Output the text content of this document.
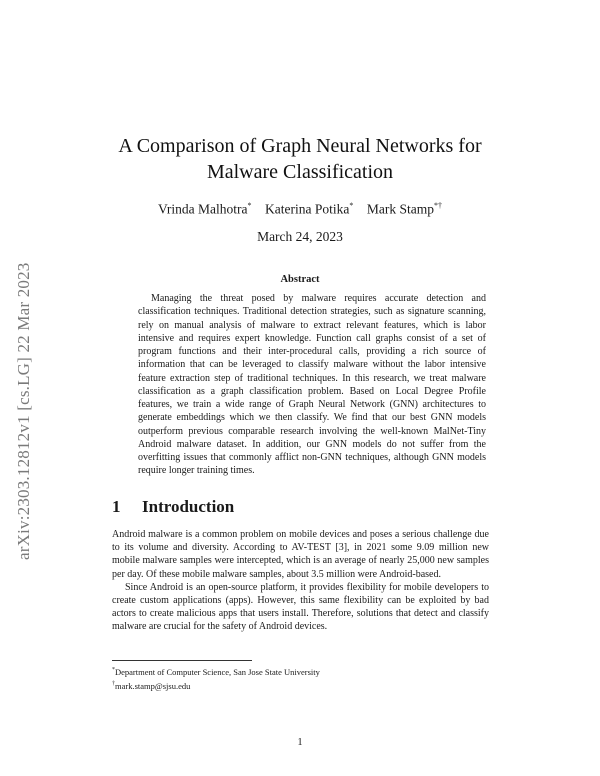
arXiv:2303.12812v1 [cs.LG] 22 Mar 2023
A Comparison of Graph Neural Networks for
Malware Classification
Vrinda Malhotra* Katerina Potika* Mark Stamp*†
March 24, 2023
Abstract

Managing the threat posed by malware requires accurate detection and classification techniques. Traditional detection strategies, such as signature scanning, rely on manual analysis of malware to extract relevant features, which is labor intensive and requires expert knowledge. Function call graphs consist of a set of program functions and their inter-procedural calls, providing a rich source of information that can be leveraged to classify malware without the labor intensive feature extraction step of traditional techniques. In this research, we treat malware classification as a graph classification problem. Based on Local Degree Profile features, we train a wide range of Graph Neural Network (GNN) architectures to generate embeddings which we then classify. We find that our best GNN models outperform previous comparable research involving the well-known MalNet-Tiny Android malware dataset. In addition, our GNN models do not suffer from the overfitting issues that commonly afflict non-GNN techniques, although GNN models require longer training times.

1 Introduction

Android malware is a common problem on mobile devices and poses a serious challenge due to its volume and diversity. According to AV-TEST [3], in 2021 some 9.09 million new mobile malware samples were intercepted, which is an average of nearly 25,000 new samples per day. Of these mobile malware samples, about 3.5 million were Android-based.

Since Android is an open-source platform, it provides flexibility for mobile developers to create custom applications (apps). However, this same flexibility can be exploited by bad actors to create malicious apps that users install. Therefore, solutions that detect and classify malware are crucial for the safety of Android devices.

*Department of Computer Science, San Jose State University
†mark.stamp@sjsu.edu
1
